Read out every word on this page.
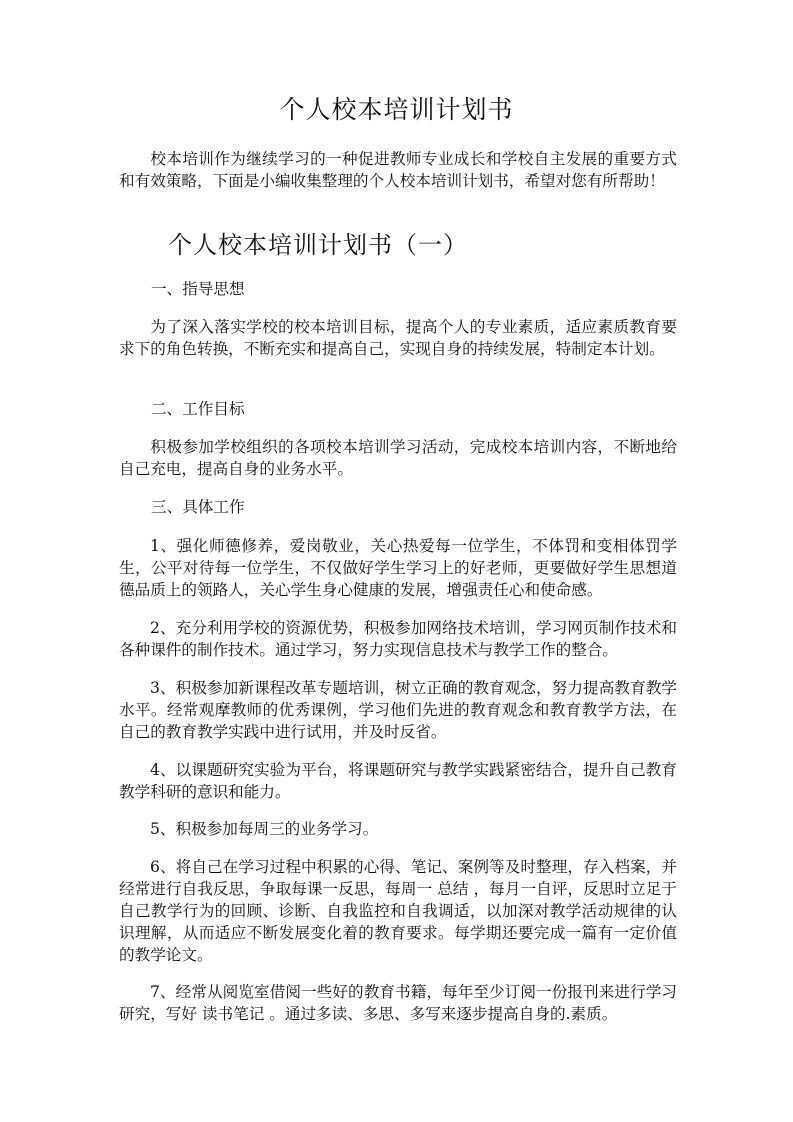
个人校本培训计划书

校本培训作为继续学习的一种促进教师专业成长和学校自主发展的重要方式和有效策略，下面是小编收集整理的个人校本培训计划书，希望对您有所帮助！

个人校本培训计划书（一）

一、指导思想

为了深入落实学校的校本培训目标，提高个人的专业素质，适应素质教育要求下的角色转换，不断充实和提高自己，实现自身的持续发展，特制定本计划。

二、工作目标

积极参加学校组织的各项校本培训学习活动，完成校本培训内容，不断地给自己充电，提高自身的业务水平。

三、具体工作

1、强化师德修养，爱岗敬业，关心热爱每一位学生，不体罚和变相体罚学生，公平对待每一位学生，不仅做好学生学习上的好老师，更要做好学生思想道德品质上的领路人，关心学生身心健康的发展，增强责任心和使命感。

2、充分利用学校的资源优势，积极参加网络技术培训，学习网页制作技术和各种课件的制作技术。通过学习，努力实现信息技术与教学工作的整合。

3、积极参加新课程改革专题培训，树立正确的教育观念，努力提高教育教学水平。经常观摩教师的优秀课例，学习他们先进的教育观念和教育教学方法，在自己的教育教学实践中进行试用，并及时反省。

4、以课题研究实验为平台，将课题研究与教学实践紧密结合，提升自己教育教学科研的意识和能力。

5、积极参加每周三的业务学习。

6、将自己在学习过程中积累的心得、笔记、案例等及时整理，存入档案，并经常进行自我反思，争取每课一反思，每周一 总结 ，每月一自评，反思时立足于自己教学行为的回顾、诊断、自我监控和自我调适，以加深对教学活动规律的认识理解，从而适应不断发展变化着的教育要求。每学期还要完成一篇有一定价值的教学论文。

7、经常从阅览室借阅一些好的教育书籍，每年至少订阅一份报刊来进行学习研究，写好 读书笔记 。通过多读、多思、多写来逐步提高自身的.素质。
